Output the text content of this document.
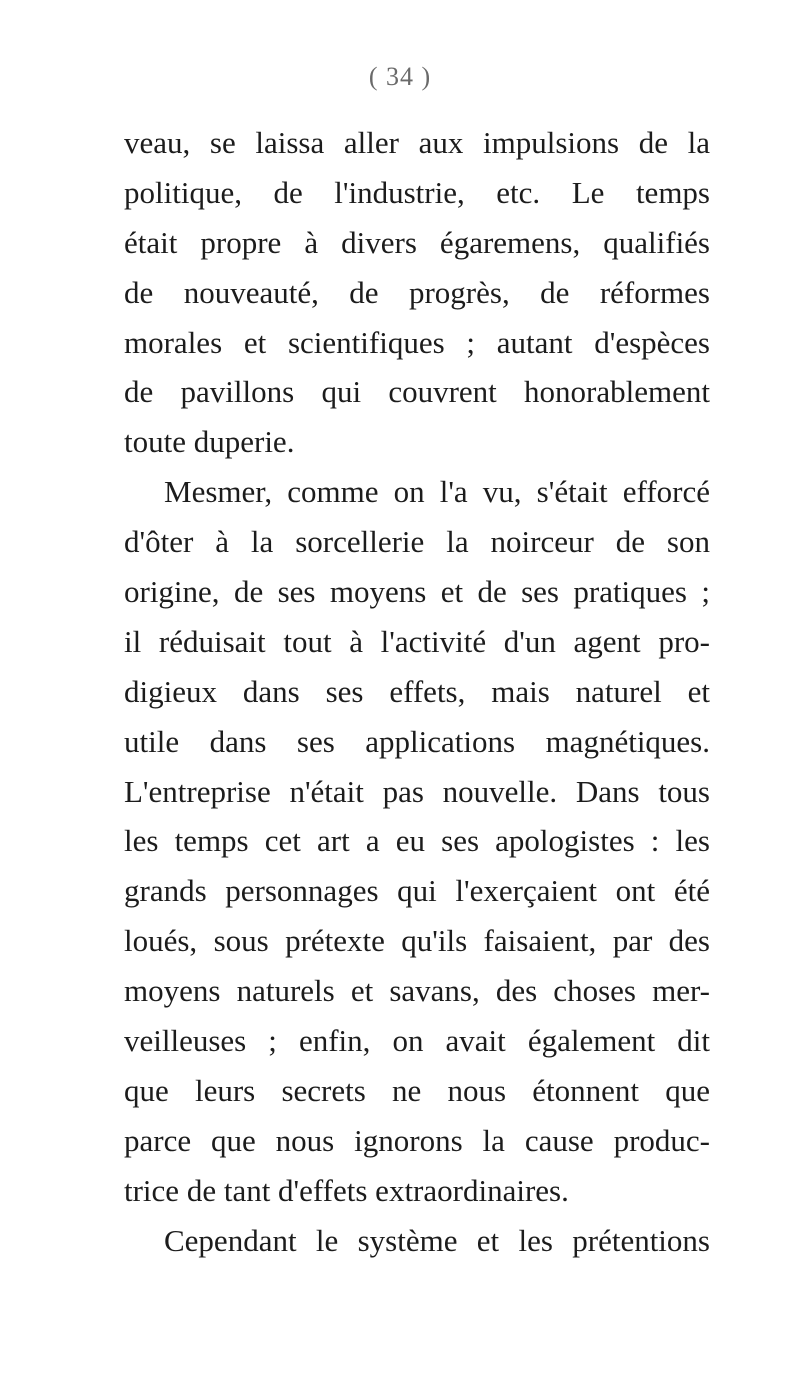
( 34 )
veau, se laissa aller aux impulsions de la
politique, de l'industrie, etc. Le temps
était propre à divers égaremens, qualifiés
de nouveauté, de progrès, de réformes
morales et scientifiques ; autant d'espèces
de pavillons qui couvrent honorablement
toute duperie.
Mesmer, comme on l'a vu, s'était efforcé
d'ôter à la sorcellerie la noirceur de son
origine, de ses moyens et de ses pratiques ;
il réduisait tout à l'activité d'un agent pro-
digieux dans ses effets, mais naturel et
utile dans ses applications magnétiques.
L'entreprise n'était pas nouvelle. Dans tous
les temps cet art a eu ses apologistes : les
grands personnages qui l'exerçaient ont été
loués, sous prétexte qu'ils faisaient, par des
moyens naturels et savans, des choses mer-
veilleuses ; enfin, on avait également dit
que leurs secrets ne nous étonnent que
parce que nous ignorons la cause produc-
trice de tant d'effets extraordinaires.
Cependant le système et les prétentions
